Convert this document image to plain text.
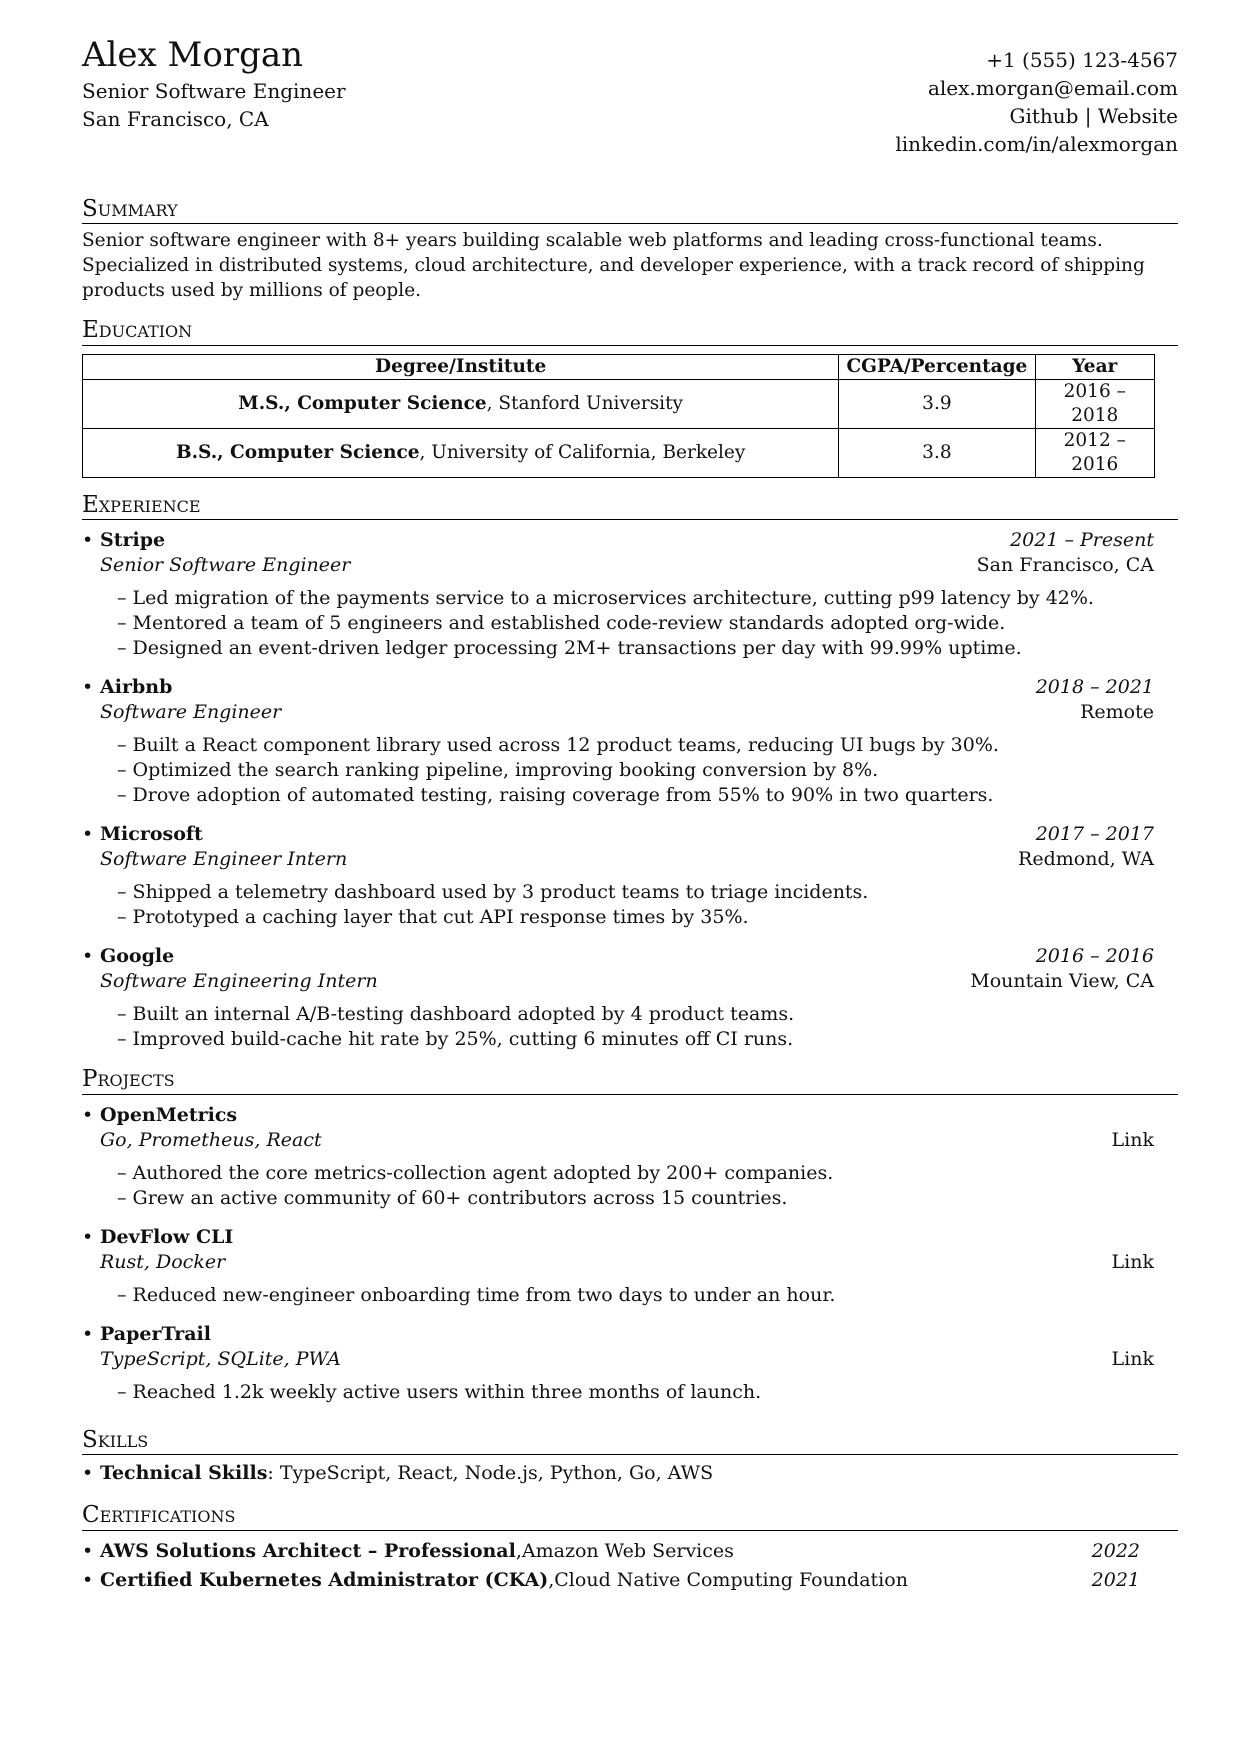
Alex Morgan
Senior Software Engineer
San Francisco, CA
+1 (555) 123-4567
alex.morgan@email.com
Github | Website
linkedin.com/in/alexmorgan
Summary

Senior software engineer with 8+ years building scalable web platforms and leading cross-functional teams. Specialized in distributed systems, cloud architecture, and developer experience, with a track record of shipping products used by millions of people.

Education
Degree/Institute	CGPA/Percentage	Year
M.S., Computer Science, Stanford University	3.9	2016 – 2018
B.S., Computer Science, University of California, Berkeley	3.8	2012 – 2016
Experience
• Stripe	2021 – Present
Senior Software Engineer	San Francisco, CA
– Led migration of the payments service to a microservices architecture, cutting p99 latency by 42%.
– Mentored a team of 5 engineers and established code-review standards adopted org-wide.
– Designed an event-driven ledger processing 2M+ transactions per day with 99.99% uptime.
• Airbnb	2018 – 2021
Software Engineer	Remote
– Built a React component library used across 12 product teams, reducing UI bugs by 30%.
– Optimized the search ranking pipeline, improving booking conversion by 8%.
– Drove adoption of automated testing, raising coverage from 55% to 90% in two quarters.
• Microsoft	2017 – 2017
Software Engineer Intern	Redmond, WA
– Shipped a telemetry dashboard used by 3 product teams to triage incidents.
– Prototyped a caching layer that cut API response times by 35%.
• Google	2016 – 2016
Software Engineering Intern	Mountain View, CA
– Built an internal A/B-testing dashboard adopted by 4 product teams.
– Improved build-cache hit rate by 25%, cutting 6 minutes off CI runs.
Projects
• OpenMetrics
Go, Prometheus, React	Link
– Authored the core metrics-collection agent adopted by 200+ companies.
– Grew an active community of 60+ contributors across 15 countries.
• DevFlow CLI
Rust, Docker	Link
– Reduced new-engineer onboarding time from two days to under an hour.
• PaperTrail
TypeScript, SQLite, PWA	Link
– Reached 1.2k weekly active users within three months of launch.
Skills
• Technical Skills: TypeScript, React, Node.js, Python, Go, AWS
Certifications
• AWS Solutions Architect – Professional,Amazon Web Services	2022
• Certified Kubernetes Administrator (CKA),Cloud Native Computing Foundation	2021
